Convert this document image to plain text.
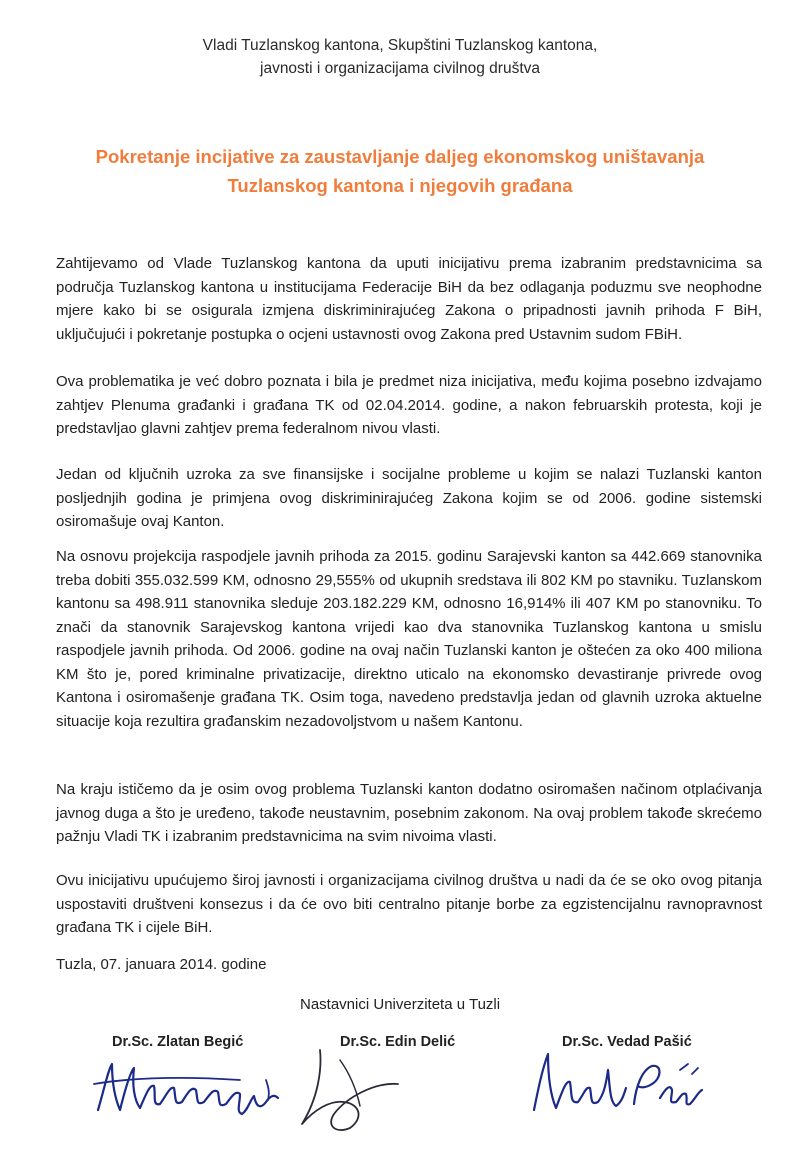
Vladi Tuzlanskog kantona, Skupštini Tuzlanskog kantona,
javnosti i organizacijama civilnog društva
Pokretanje incijative za zaustavljanje daljeg ekonomskog uništavanja
Tuzlanskog kantona i njegovih građana

Zahtijevamo od Vlade Tuzlanskog kantona da uputi inicijativu prema izabranim predstavnicima sa područja Tuzlanskog kantona u institucijama Federacije BiH da bez odlaganja poduzmu sve neophodne mjere kako bi se osigurala izmjena diskriminirajućeg Zakona o pripadnosti javnih prihoda F BiH, uključujući i pokretanje postupka o ocjeni ustavnosti ovog Zakona pred Ustavnim sudom FBiH.

Ova problematika je već dobro poznata i bila je predmet niza inicijativa, među kojima posebno izdvajamo zahtjev Plenuma građanki i građana TK od 02.04.2014. godine, a nakon februarskih protesta, koji je predstavljao glavni zahtjev prema federalnom nivou vlasti.

Jedan od ključnih uzroka za sve finansijske i socijalne probleme u kojim se nalazi Tuzlanski kanton posljednjih godina je primjena ovog diskriminirajućeg Zakona kojim se od 2006. godine sistemski osiromašuje ovaj Kanton.

Na osnovu projekcija raspodjele javnih prihoda za 2015. godinu Sarajevski kanton sa 442.669 stanovnika treba dobiti 355.032.599 KM, odnosno 29,555% od ukupnih sredstava ili 802 KM po stavniku. Tuzlanskom kantonu sa 498.911 stanovnika sleduje 203.182.229 KM, odnosno 16,914% ili 407 KM po stanovniku. To znači da stanovnik Sarajevskog kantona vrijedi kao dva stanovnika Tuzlanskog kantona u smislu raspodjele javnih prihoda. Od 2006. godine na ovaj način Tuzlanski kanton je oštećen za oko 400 miliona KM što je, pored kriminalne privatizacije, direktno uticalo na ekonomsko devastiranje privrede ovog Kantona i osiromašenje građana TK. Osim toga, navedeno predstavlja jedan od glavnih uzroka aktuelne situacije koja rezultira građanskim nezadovoljstvom u našem Kantonu.

Na kraju ističemo da je osim ovog problema Tuzlanski kanton dodatno osiromašen načinom otplaćivanja javnog duga a što je uređeno, takođe neustavnim, posebnim zakonom. Na ovaj problem takođe skrećemo pažnju Vladi TK i izabranim predstavnicima na svim nivoima vlasti.

Ovu inicijativu upućujemo široj javnosti i organizacijama civilnog društva u nadi da će se oko ovog pitanja uspostaviti društveni konsezus i da će ovo biti centralno pitanje borbe za egzistencijalnu ravnopravnost građana TK i cijele BiH.

Tuzla, 07. januara 2014. godine
Nastavnici Univerziteta u Tuzli
Dr.Sc. Zlatan Begić	Dr.Sc. Edin Delić	Dr.Sc. Vedad Pašić
